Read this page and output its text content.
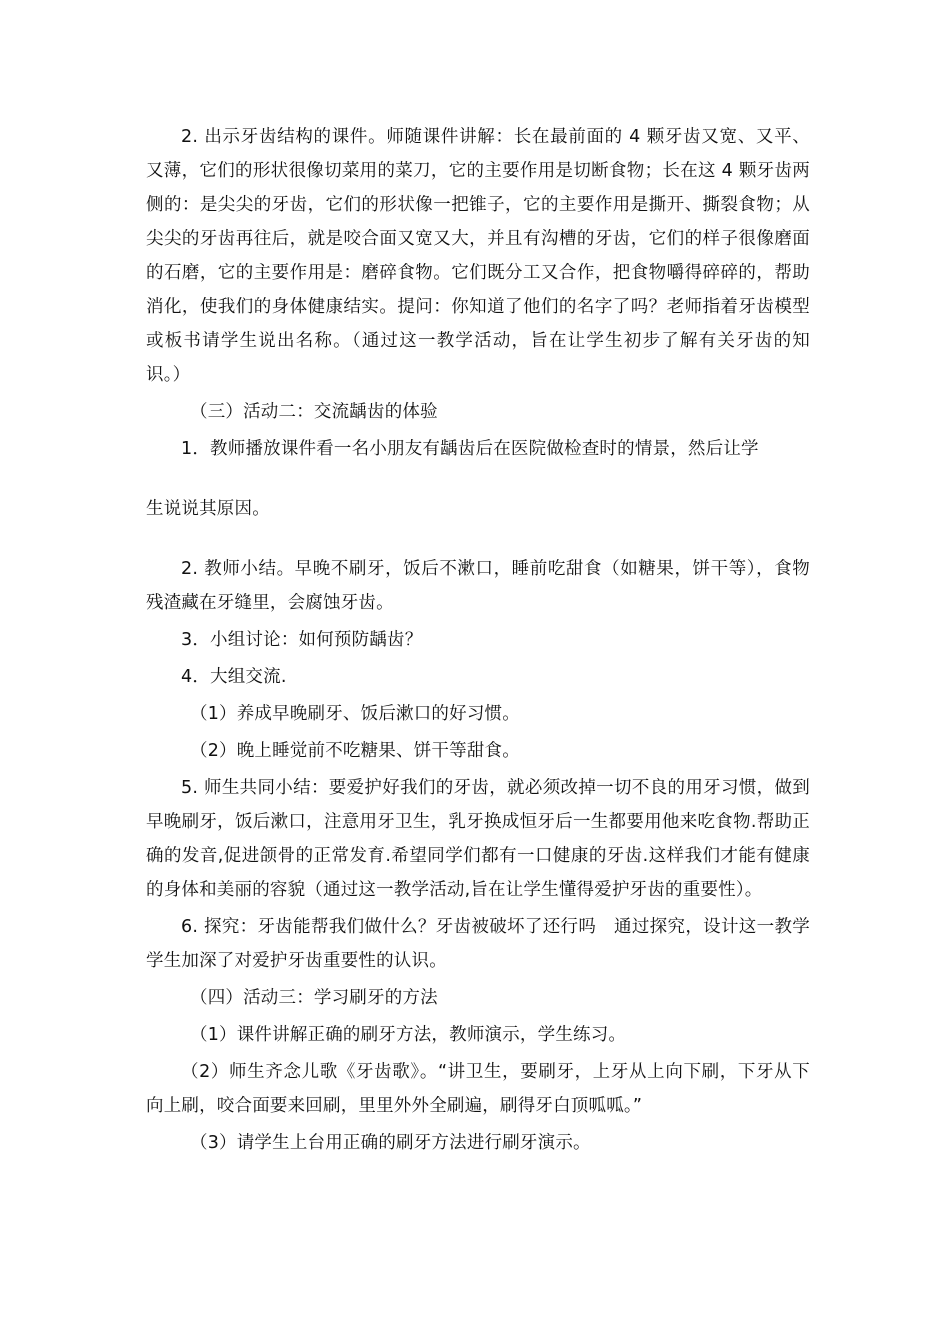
2. 出示牙齿结构的课件。师随课件讲解：长在最前面的 4 颗牙齿又宽、又平、又薄，它们的形状很像切菜用的菜刀，它的主要作用是切断食物；长在这 4 颗牙齿两侧的：是尖尖的牙齿，它们的形状像一把锥子，它的主要作用是撕开、撕裂食物；从尖尖的牙齿再往后，就是咬合面又宽又大，并且有沟槽的牙齿，它们的样子很像磨面的石磨，它的主要作用是：磨碎食物。它们既分工又合作，把食物嚼得碎碎的，帮助消化，使我们的身体健康结实。提问：你知道了他们的名字了吗？老师指着牙齿模型或板书请学生说出名称。（通过这一教学活动，旨在让学生初步了解有关牙齿的知识。）

（三）活动二：交流龋齿的体验

1．教师播放课件看一名小朋友有龋齿后在医院做检查时的情景，然后让学

生说说其原因。

2. 教师小结。早晚不刷牙，饭后不漱口，睡前吃甜食（如糖果，饼干等），食物残渣藏在牙缝里，会腐蚀牙齿。

3．小组讨论：如何预防龋齿？

4．大组交流.

（1）养成早晚刷牙、饭后漱口的好习惯。

（2）晚上睡觉前不吃糖果、饼干等甜食。

5. 师生共同小结：要爱护好我们的牙齿，就必须改掉一切不良的用牙习惯，做到早晚刷牙，饭后漱口，注意用牙卫生，乳牙换成恒牙后一生都要用他来吃食物.帮助正确的发音,促进颌骨的正常发育.希望同学们都有一口健康的牙齿.这样我们才能有健康的身体和美丽的容貌（通过这一教学活动,旨在让学生懂得爱护牙齿的重要性）。

6. 探究：牙齿能帮我们做什么？牙齿被破坏了还行吗　通过探究，设计这一教学学生加深了对爱护牙齿重要性的认识。

（四）活动三：学习刷牙的方法

（1）课件讲解正确的刷牙方法，教师演示，学生练习。

（2）师生齐念儿歌《牙齿歌》。“讲卫生，要刷牙，上牙从上向下刷，下牙从下向上刷，咬合面要来回刷，里里外外全刷遍，刷得牙白顶呱呱。”

（3）请学生上台用正确的刷牙方法进行刷牙演示。
